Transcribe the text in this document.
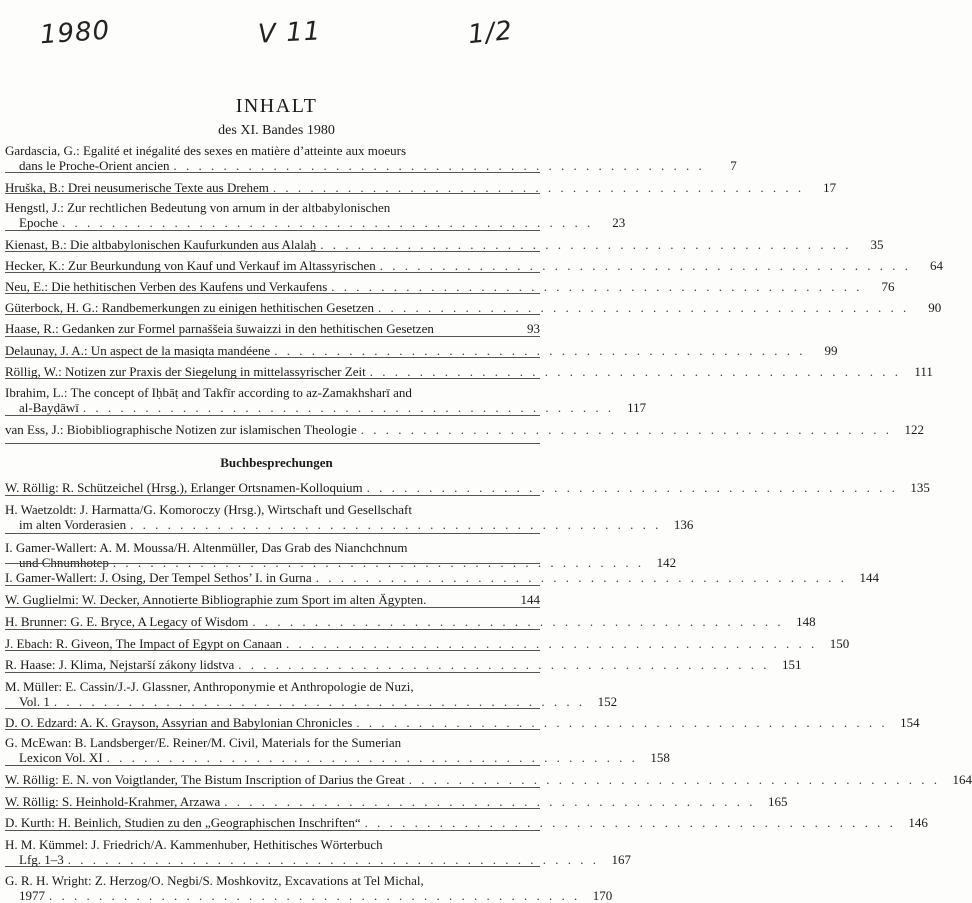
1980	V 11	1/2
INHALT
des XI. Bandes 1980
Buchbesprechungen
Gardascia, G.: Egalité et inégalité des sexes en matière d’atteinte aux moeurs
dans le Proche-Orient ancien . . .	7
Hruška, B.: Drei neusumerische Texte aus Drehem . . .	17
Hengstl, J.: Zur rechtlichen Bedeutung von arnum in der altbabylonischen
Epoche . . .	23
Kienast, B.: Die altbabylonischen Kaufurkunden aus Alalaḫ . . .	35
Hecker, K.: Zur Beurkundung von Kauf und Verkauf im Altassyrischen . . .	64
Neu, E.: Die hethitischen Verben des Kaufens und Verkaufens . . .	76
Güterbock, H. G.: Randbemerkungen zu einigen hethitischen Gesetzen . . .	90
Haase, R.: Gedanken zur Formel parnaššeia šuwaizzi in den hethitischen Gesetzen	93
Delaunay, J. A.: Un aspect de la masiqta mandéene . . .	99
Röllig, W.: Notizen zur Praxis der Siegelung in mittelassyrischer Zeit . . .	111
Ibrahim, L.: The concept of Iḥbāṭ and Takfīr according to az-Zamakhsharī and
al-Bayḍāwī . . .	117
van Ess, J.: Biobibliographische Notizen zur islamischen Theologie . . .	122
W. Röllig: R. Schützeichel (Hrsg.), Erlanger Ortsnamen-Kolloquium . . .	135
H. Waetzoldt: J. Harmatta/G. Komoroczy (Hrsg.), Wirtschaft und Gesellschaft
im alten Vorderasien . . .	136
I. Gamer-Wallert: A. M. Moussa/H. Altenmüller, Das Grab des Nianchchnum
und Chnumhotep . . .	142
I. Gamer-Wallert: J. Osing, Der Tempel Sethos’ I. in Gurna . . .	144
W. Guglielmi: W. Decker, Annotierte Bibliographie zum Sport im alten Ägypten.	144
H. Brunner: G. E. Bryce, A Legacy of Wisdom . . .	148
J. Ebach: R. Giveon, The Impact of Egypt on Canaan . . .	150
R. Haase: J. Klima, Nejstarší zákony lidstva . . .	151
M. Müller: E. Cassin/J.-J. Glassner, Anthroponymie et Anthropologie de Nuzi,
Vol. 1 . . .	152
D. O. Edzard: A. K. Grayson, Assyrian and Babylonian Chronicles . . .	154
G. McEwan: B. Landsberger/E. Reiner/M. Civil, Materials for the Sumerian
Lexicon Vol. XI . . .	158
W. Röllig: E. N. von Voigtlander, The Bistum Inscription of Darius the Great . . .	164
W. Röllig: S. Heinhold-Krahmer, Arzawa . . .	165
D. Kurth: H. Beinlich, Studien zu den „Geographischen Inschriften“ . . .	146
H. M. Kümmel: J. Friedrich/A. Kammenhuber, Hethitisches Wörterbuch
Lfg. 1–3 . . .	167
G. R. H. Wright: Z. Herzog/O. Negbi/S. Moshkovitz, Excavations at Tel Michal,
1977 . . .	170
